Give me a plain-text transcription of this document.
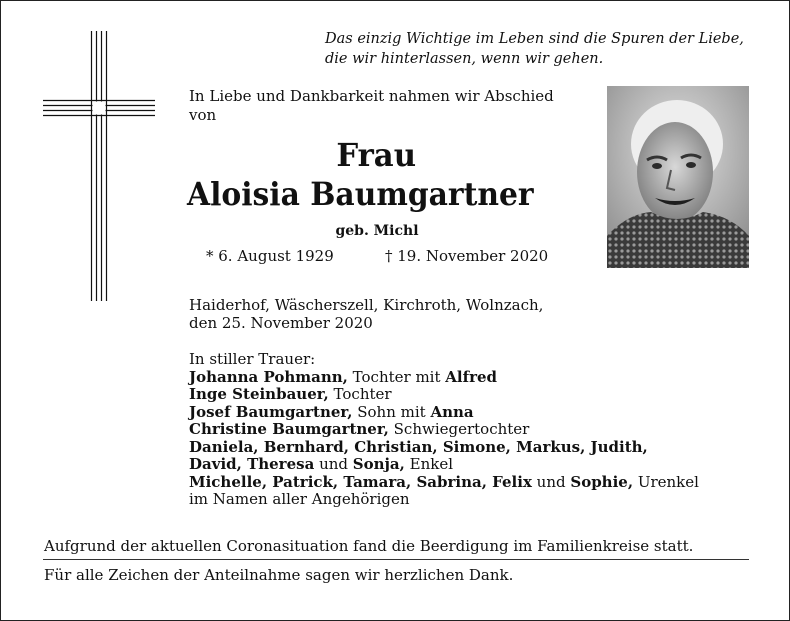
Das einzig Wichtige im Leben sind die Spuren der Liebe,
die wir hinterlassen, wenn wir gehen.
In Liebe und Dankbarkeit nahmen wir Abschied
von
Frau
Aloisia Baumgartner
geb. Michl
* 6. August 1929	† 19. November 2020
Haiderhof, Wäscherszell, Kirchroth, Wolnzach,
den 25. November 2020
In stiller Trauer:
Johanna Pohmann, Tochter mit Alfred
Inge Steinbauer, Tochter
Josef Baumgartner, Sohn mit Anna
Christine Baumgartner, Schwiegertochter
Daniela, Bernhard, Christian, Simone, Markus, Judith,
David, Theresa und Sonja, Enkel
Michelle, Patrick, Tamara, Sabrina, Felix und Sophie, Urenkel
im Namen aller Angehörigen
Aufgrund der aktuellen Coronasituation fand die Beerdigung im Familienkreise statt.
Für alle Zeichen der Anteilnahme sagen wir herzlichen Dank.
